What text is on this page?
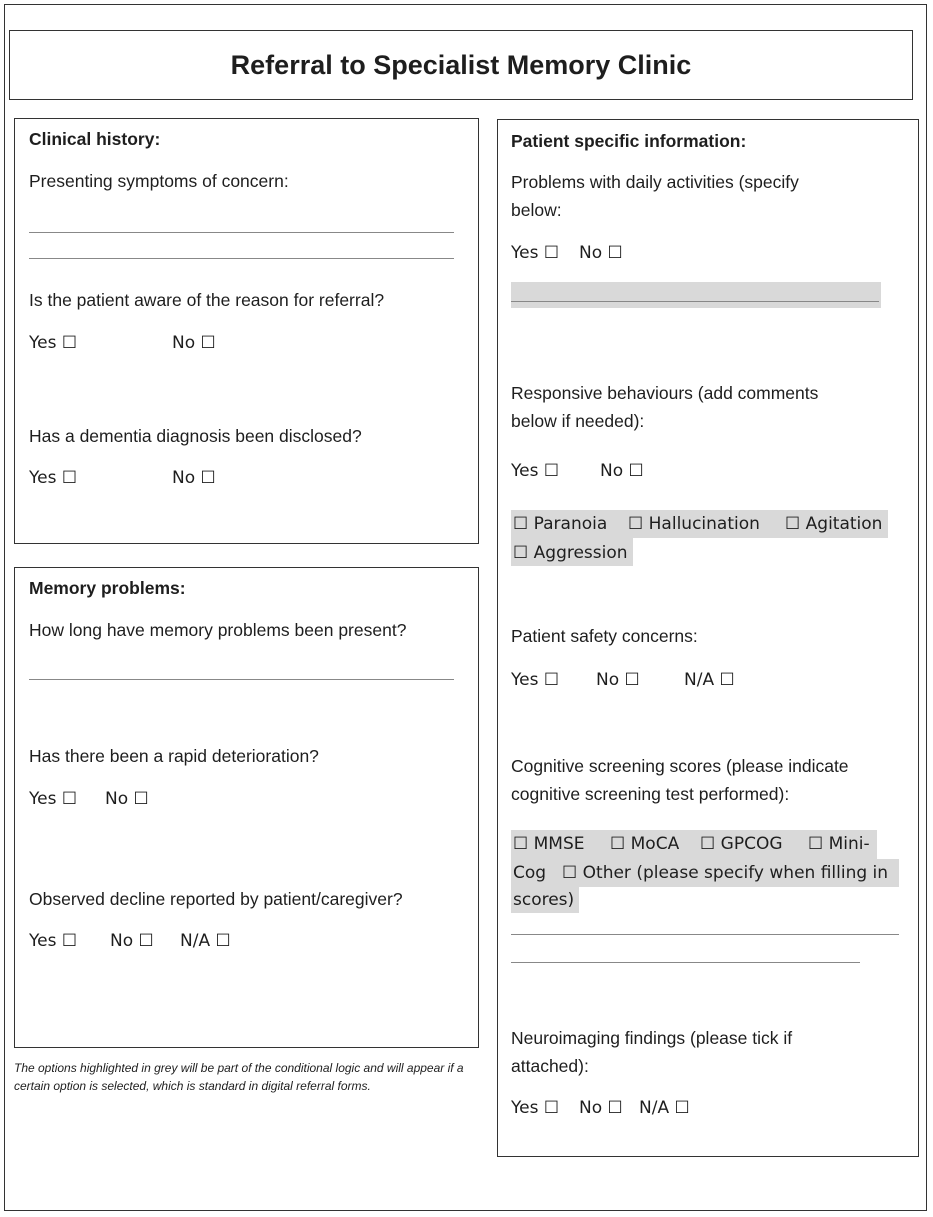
Referral to Specialist Memory Clinic
Clinical history:
Presenting symptoms of concern:
Is the patient aware of the reason for referral?
Yes ☐	No ☐
Has a dementia diagnosis been disclosed?
Yes ☐	No ☐
Memory problems:
How long have memory problems been present?
Has there been a rapid deterioration?
Yes ☐ No ☐
Observed decline reported by patient/caregiver?
Yes ☐ No ☐ N/A ☐
The options highlighted in grey will be part of the conditional logic and will appear if a certain option is selected, which is standard in digital referral forms.
Patient specific information:
Problems with daily activities (specify
below:
Yes ☐ No ☐
Responsive behaviours (add comments
below if needed):
Yes ☐ No ☐
☐ Paranoia ☐ Hallucination ☐ Agitation
☐ Aggression
Patient safety concerns:
Yes ☐ No ☐	N/A ☐
Cognitive screening scores (please indicate
cognitive screening test performed):
☐ MMSE ☐ MoCA ☐ GPCOG ☐ Mini-
Cog ☐ Other (please specify when filling in
scores)
Neuroimaging findings (please tick if
attached):
Yes ☐ No ☐ N/A ☐
